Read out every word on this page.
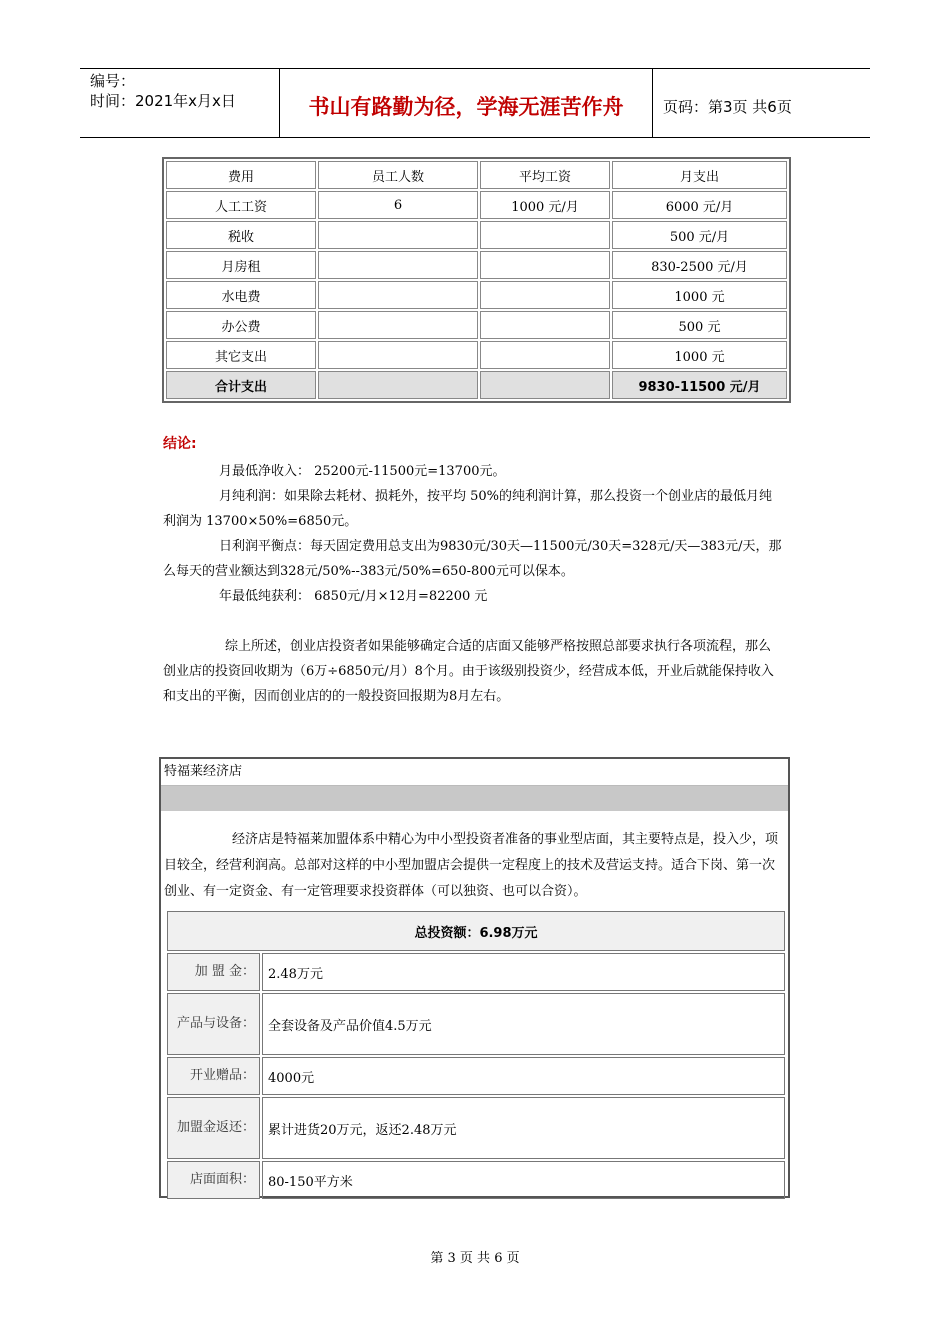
编号：
时间：2021年x月x日	书山有路勤为径，学海无涯苦作舟	页码：第3页 共6页
费用	员工人数	平均工资	月支出
人工工资	6	1000 元/月	6000 元/月
税收			500 元/月
月房租			830-2500 元/月
水电费			1000 元
办公费			500 元
其它支出			1000 元
合计支出			9830-11500 元/月
结论:
月最低净收入： 25200元-11500元=13700元。
月纯利润：如果除去耗材、损耗外，按平均 50%的纯利润计算，那么投资一个创业店的最低月纯利润为 13700×50%=6850元。
日利润平衡点：每天固定费用总支出为9830元/30天—11500元/30天=328元/天—383元/天，那么每天的营业额达到328元/50%--383元/50%=650-800元可以保本。
年最低纯获利： 6850元/月×12月=82200 元
综上所述，创业店投资者如果能够确定合适的店面又能够严格按照总部要求执行各项流程，那么创业店的投资回收期为（6万÷6850元/月）8个月。由于该级别投资少，经营成本低，开业后就能保持收入和支出的平衡，因而创业店的的一般投资回报期为8月左右。
特福莱经济店
经济店是特福莱加盟体系中精心为中小型投资者准备的事业型店面，其主要特点是，投入少，项目较全，经营利润高。总部对这样的中小型加盟店会提供一定程度上的技术及营运支持。适合下岗、第一次创业、有一定资金、有一定管理要求投资群体（可以独资、也可以合资）。
总投资额：6.98万元	
加 盟 金：	2.48万元
产品与设备：	全套设备及产品价值4.5万元
开业赠品：	4000元
加盟金返还：	累计进货20万元，返还2.48万元
店面面积：	80-150平方米
第 3 页 共 6 页
